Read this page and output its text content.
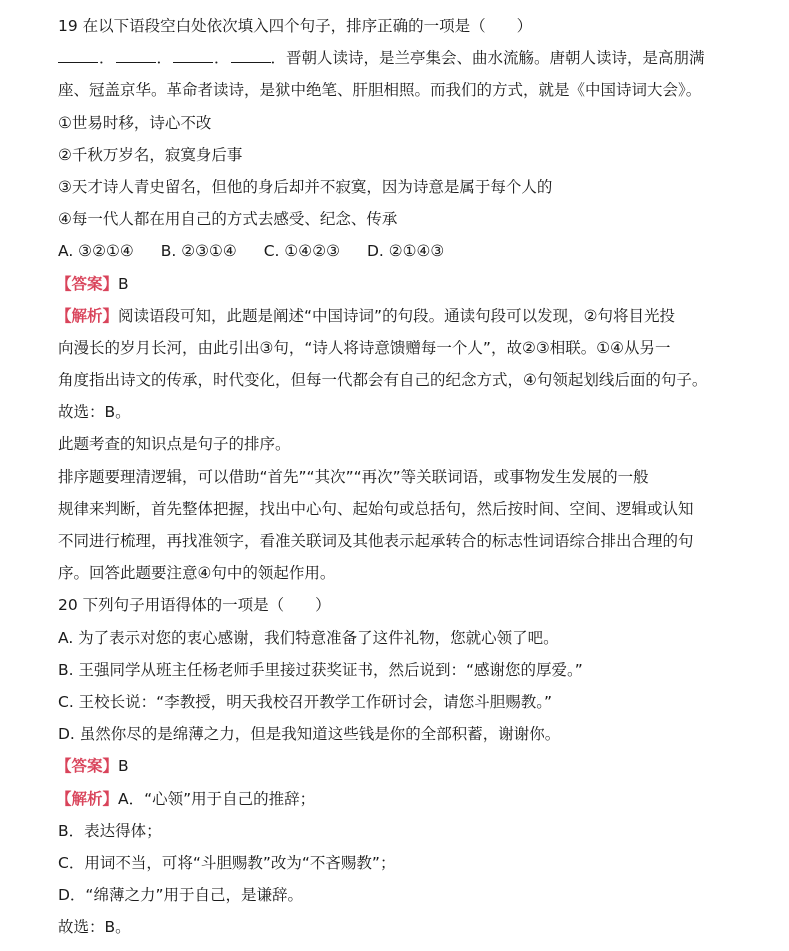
19 在以下语段空白处依次填入四个句子，排序正确的一项是（　　）
．	．	．	．晋朝人读诗，是兰亭集会、曲水流觞。唐朝人读诗，是高朋满
座、冠盖京华。革命者读诗，是狱中绝笔、肝胆相照。而我们的方式，就是《中国诗词大会》。
①世易时移，诗心不改
②千秋万岁名，寂寞身后事
③天才诗人青史留名，但他的身后却并不寂寞，因为诗意是属于每个人的
④每一代人都在用自己的方式去感受、纪念、传承
A. ③②①④ B. ②③①④ C. ①④②③ D. ②①④③
【答案】B
【解析】阅读语段可知，此题是阐述“中国诗词”的句段。通读句段可以发现，②句将目光投
向漫长的岁月长河，由此引出③句，“诗人将诗意馈赠每一个人”，故②③相联。①④从另一
角度指出诗文的传承，时代变化，但每一代都会有自己的纪念方式，④句领起划线后面的句子。
故选：B。
此题考查的知识点是句子的排序。
排序题要理清逻辑，可以借助“首先”“其次”“再次”等关联词语，或事物发生发展的一般
规律来判断，首先整体把握，找出中心句、起始句或总括句，然后按时间、空间、逻辑或认知
不同进行梳理，再找准领字，看准关联词及其他表示起承转合的标志性词语综合排出合理的句
序。回答此题要注意④句中的领起作用。
20 下列句子用语得体的一项是（　　）
A. 为了表示对您的衷心感谢，我们特意准备了这件礼物，您就心领了吧。
B. 王强同学从班主任杨老师手里接过获奖证书，然后说到：“感谢您的厚爱。”
C. 王校长说：“李教授，明天我校召开教学工作研讨会，请您斗胆赐教。”
D. 虽然你尽的是绵薄之力，但是我知道这些钱是你的全部积蓄，谢谢你。
【答案】B
【解析】A．“心领”用于自己的推辞；
B．表达得体；
C．用词不当，可将“斗胆赐教”改为“不吝赐教”；
D．“绵薄之力”用于自己，是谦辞。
故选：B。
